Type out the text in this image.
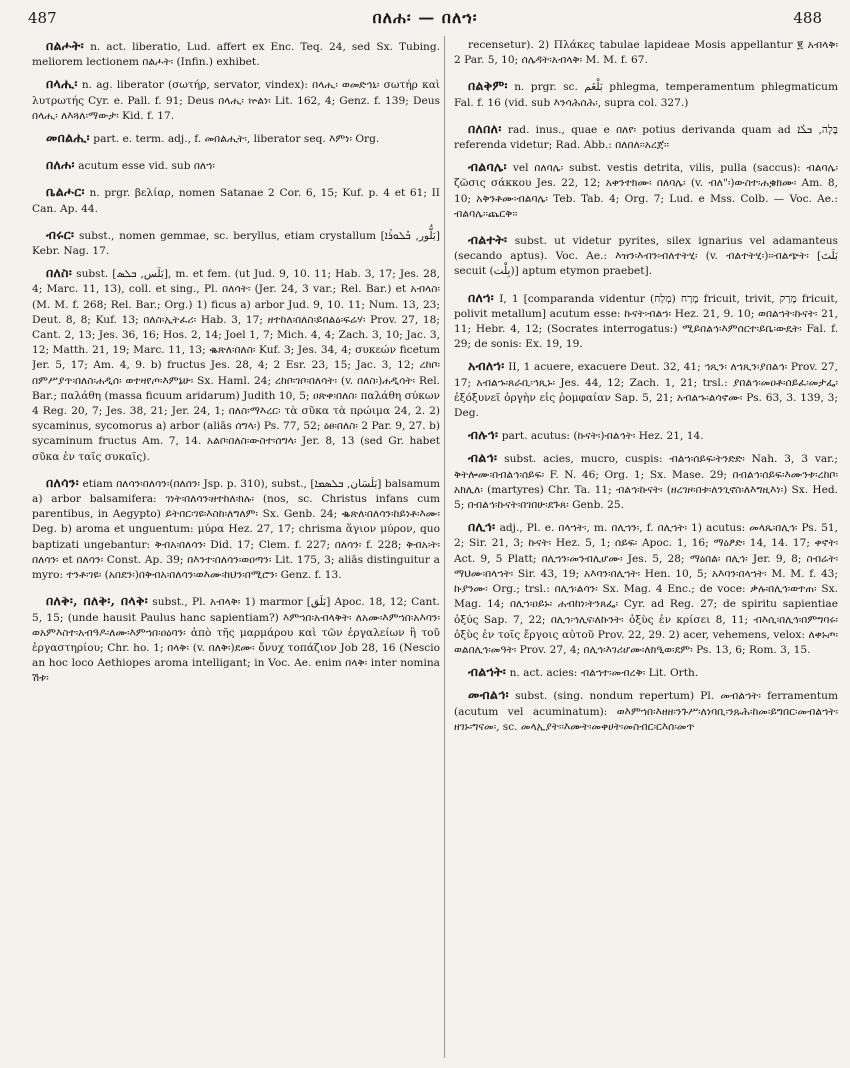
487	በለሐ፡ — በለኀ፡	488

በልሖት፡ n. act. liberatio, Lud. affert ex Enc. Teq. 24, sed Sx. Tubing. meliorem lectionem በልሖት፡ (Infin.) exhibet.

በላሒ፡ n. ag. liberator (σωτήρ, servator, vindex): በላሒ፡ ወመድኅኒ፡ σωτήρ καὶ λυτρωτής Cyr. e. Pall. f. 91; Deus በላሒ፡ ኵልነ፡ Lit. 162, 4; Genz. f. 139; Deus በላሒ፡ ለእጓለ፡ማውታ፡ Kid. f. 17.

መበልሒ፡ part. e. term. adj., f. መበልሒት፡, liberator seq. እምነ፡ Org.

በለሐ፡ acutum esse vid. sub በለኀ፡

ቤልሖር፡ n. prgr. βελίαρ, nomen Satanae 2 Cor. 6, 15; Kuf. p. 4 et 61; II Can. Ap. 44.

ብሩር፡ subst., nomen gemmae, sc. beryllus, etiam crystallum [بَلُّور, ܒܶܠܘܪܳܐ] Kebr. Nag. 17.

በለስ፡ subst. [بَلَس, ܒܠܣ], m. et fem. (ut Jud. 9, 10. 11; Hab. 3, 17; Jes. 28, 4; Marc. 11, 13), coll. et sing., Pl. በለሳት፡ (Jer. 24, 3 var.; Rel. Bar.) et አብላስ፡ (M. M. f. 268; Rel. Bar.; Org.) 1) ficus a) arbor Jud. 9, 10. 11; Num. 13, 23; Deut. 8, 8; Kuf. 13; በለስ፡ኢትፈሪ፡ Hab. 3, 17; ዘተከለ፡በለስ፡ይበልዕ፡ፍሬሃ፡ Prov. 27, 18; Cant. 2, 13; Jes. 36, 16; Hos. 2, 14; Joel 1, 7; Mich. 4, 4; Zach. 3, 10; Jac. 3, 12; Matth. 21, 19; Marc. 11, 13; ቈጽለ፡በለስ፡ Kuf. 3; Jes. 34, 4; συκεών ficetum Jer. 5, 17; Am. 4, 9. b) fructus Jes. 28, 4; 2 Esr. 23, 15; Jac. 3, 12; ረከቦ፡በምሥያጥ፡በለስ፡ሐዲሰ፡ ወተዛየጦ፡እምኔሁ፡ Sx. Haml. 24; ረከቦ፡ገቦ፡በለሳት፡ (v. በለስ፡)ሐዲሳት፡ Rel. Bar.; παλάθη (massa ficuum aridarum) Judith 10, 5; ዐጽቀ፡በለስ፡ παλάθη σύκων 4 Reg. 20, 7; Jes. 38, 21; Jer. 24, 1; በለስ፡ማእረር፡ τὰ σῦκα τὰ πρώιμα 24, 2. 2) sycaminus, sycomorus a) arbor (aliās ሰግላ፡) Ps. 77, 52; ዕፀ፡በለስ፡ 2 Par. 9, 27. b) sycaminum fructus Am. 7, 14. አልቦ፡በለስ፡ውስተ፡ሰግላ፡ Jer. 8, 13 (sed Gr. habet σῦκα ἐν ταῖς συκαῖς).

በለሳን፡ etiam በለሳን፡በለሳን፡(በለሰን፡ Jsp. p. 310), subst., [بَلَسَان, ܒܠܣܡܐ] balsamum a) arbor balsamifera: ገነት፡በለሳን፡ዘተከለ፡ክሉ፡ (nos, sc. Christus infans cum parentibus, in Aegypto) ይትበር፡ገዩ፡እስከ፡ለግለም፡ Sx. Genb. 24; ቈጽለ፡በለሳን፡ከይነቶ፡እሙ፡ Deg. b) aroma et unguentum: μύρα Hez. 27, 17; chrisma ἅγιον μύρον, quo baptizati ungebantur: ቅብአ፡በለሳን፡ Did. 17; Clem. f. 227; በለሳን፡ f. 228; ቅብአ፡ት፡በለሳን፡ et በለሳን፡ Const. Ap. 39; በእንተ፡በለሳን፡ወዐጣን፡ Lit. 175, 3; aliās distinguitur a myro: ተንቶ፡ገዩ፡ (አበደን፡)በቅብአ፡በለሳን፡ወእሙ፡ከህን፡በሚሮን፡ Genz. f. 13.

በለቅ፡, በለቅ፡, በላቅ፡ subst., Pl. አብላቅ፡ 1) marmor [بَلَق] Apoc. 18, 12; Cant. 5, 15; (unde hausit Paulus hanc sapientiam?) እምኀበ፡አብላቅት፡ ለአሙ፡እምኀበ፡አእባን፡ወአምእስተ፡አብዓዶ፡ለሙ፡እምኀበ፡ዐዕባን፡ ἀπὸ τῆς μαρμάρου καὶ τῶν ἐργαλείων ἢ τοῦ ἐργαστηρίου; Chr. ho. 1; በላቅ፡ (v. በለቅ፡)ደሙ፡ ὄνυχ τοπάζιον Job 28, 16 (Nescio an hoc loco Aethiopes aroma intelligant; in Voc. Ae. enim በላቅ፡ inter nomina ሽቱ፡

recensetur). 2) Πλάκες tabulae lapideae Mosis appellantur ፪ አብላቅ፡ 2 Par. 5, 10; ሰሌዳት፡አብላቅ፡ M. M. f. 67.

በልቅም፡ n. prgr. sc. بَلْغَم phlegma, temperamentum phlegmaticum Fal. f. 16 (vid. sub እንሳሕሰሕ፡, supra col. 327.)

በለበለ፡ rad. inus., quae e በለየ፡ potius derivanda quam ad בָּלָה, ܒܠܳܐ referenda videtur; Rad. Abb.: በለበለ፡፡አረጀ፡፡

ብልባሌ፡ vel በለባሌ፡ subst. vestis detrita, vilis, pulla (saccus): ብልባሌ፡ ζῶσις σάκκου Jes. 22, 12; አቀንተክሙ፡ በለባሌ፡ (v. ብለ"፡)ውስተ፡ሐቌክሙ፡ Am. 8, 10; አቅንቶሙ፡ብልባሌ፡ Teb. Tab. 4; Org. 7; Lud. e Mss. Colb. — Voc. Ae.: ብልባሌ፡፡ጨርቅ፡፡

ብልተት፡ subst. ut videtur pyrites, silex ignarius vel adamanteus (secando aptus). Voc. Ae.: እዝን፡እብን፡ብለተትሂ፡ (v. ብልተትሂ፡)፡፡ብልጭት፡ [بَلَتَ secuit (بِلْت)] aptum etymon praebet].

በለኀ፡ I, 1 [comparanda videntur מָרַח (מְלַח) fricuit, trivit, מָרַק fricuit, polivit metallum] acutum esse: ኩናት፡ብልኀ፡ Hez. 21, 9. 10; ወበልኀት፡ኩናት፡ 21, 11; Hebr. 4, 12; (Socrates interrogatus:) ሚይበልኅ፡እምሰርተ፡ይቤ፡ውዴት፡ Fal. f. 29; de sonis: Ex. 19, 19.

አብለኀ፡ II, 1 acuere, exacuere Deut. 32, 41; ኅጺን፡ ለኀጺን፡ያበልኅ፡ Prov. 27, 17; አብልኁ፡ጸራቢ፡ኅጺኑ፡ Jes. 44, 12; Zach. 1, 21; trsl.: ያበልኅ፡መዐቶ፡ሰይፈ፡መታፌ፡ ἐξόξυνεῖ ὀργὴν εἰς ῥομφαίαν Sap. 5, 21; አብልኁ፡ልሳኖሙ፡ Ps. 63, 3. 139, 3; Deg.

ብሉኅ፡ part. acutus: (ኩናት፡)ብልኅት፡ Hez. 21, 14.

ብልኅ፡ subst. acies, mucro, cuspis: ብልኀ፡ሰይፍ፡ትንድድ፡ Nah. 3, 3 var.; ቅትሎሙ፡በብልኅ፡ሰይፍ፡ F. N. 46; Org. 1; Sx. Mase. 29; በብልኅ፡ሰይፍ፡እሙንቱ፡ረከቦ፡አክሊለ፡ (martyres) Chr. Ta. 11; ብልኅ፡ኩናት፡ (ዘረገዞ፡በቱ፡ለንጊኖስ፡ለእግዚእነ፡) Sx. Hed. 5; በብልኅ፡ኩናት፡በገበሁ፡ደጉጸ፡ Genb. 25.

በሊኅ፡ adj., Pl. e. በላኀት፡, m. በሊኀን፡, f. በሊኀት፡ 1) acutus: መላጼ፡በሊኅ፡ Ps. 51, 2; Sir. 21, 3; ኩናት፡ Hez. 5, 1; ሰይፍ፡ Apoc. 1, 16; ማዕፆድ፡ 14, 14. 17; ቀኖት፡ Act. 9, 5 Platt; በሊኀን፡መንብሊሆሙ፡ Jes. 5, 28; ማዕበል፡ በሊኅ፡ Jer. 9, 8; ስብሬት፡ማህሙ፡በላኀት፡ Sir. 43, 19; አእባን፡በሊኀት፡ Hen. 10, 5; አእባን፡በላኀት፡ M. M. f. 43; ኩያንሙ፡ Org.; trsl.: በሊኅ፡ልሳን፡ Sx. Mag. 4 Enc.; de voce: ቃሉ፡በሊኅ፡ወተጠ፡ Sx. Mag. 14; በሊኀ፡ዐይኑ፡ ሐብከነ፡ትንጸፌ፡ Cyr. ad Reg. 27; de spiritu sapientiae ὀξύς Sap. 7, 22; በሊኅ፡ኅሊና፡ለኩንት፡ ὀξὺς ἐν κρίσει 8, 11; ብእሲ፡በሊኅ፡በምግባሩ፡ ὀξὺς ἐν τοῖς ἔργοις αὐτοῦ Prov. 22, 29. 2) acer, vehemens, velox: ለቀኑጦ፡ወልበሊኅ፡መዓት፡ Prov. 27, 4; በሊኅ፡እገሪሆሙ፡ለክዒወ፡ደም፡ Ps. 13, 6; Rom. 3, 15.

ብልኀት፡ n. act. acies: ብልኀተ፡መብረቅ፡ Lit. Orth.

መብልኅ፡ subst. (sing. nondum repertum) Pl. መብልኀት፡ ferramentum (acutum vel acuminatum): ወእምኀበ፡እዘዘ፡ንጉሥ፡ለነባቢ፡ንጹሕ፡ከመ፡ይግበር፡መብልኀት፡ ዘገኑ፡ግናመ፡, sc. መላኢያት፡፡እሙት፡መቀሀት፡መስብር፡ርእሰ፡መጥ
